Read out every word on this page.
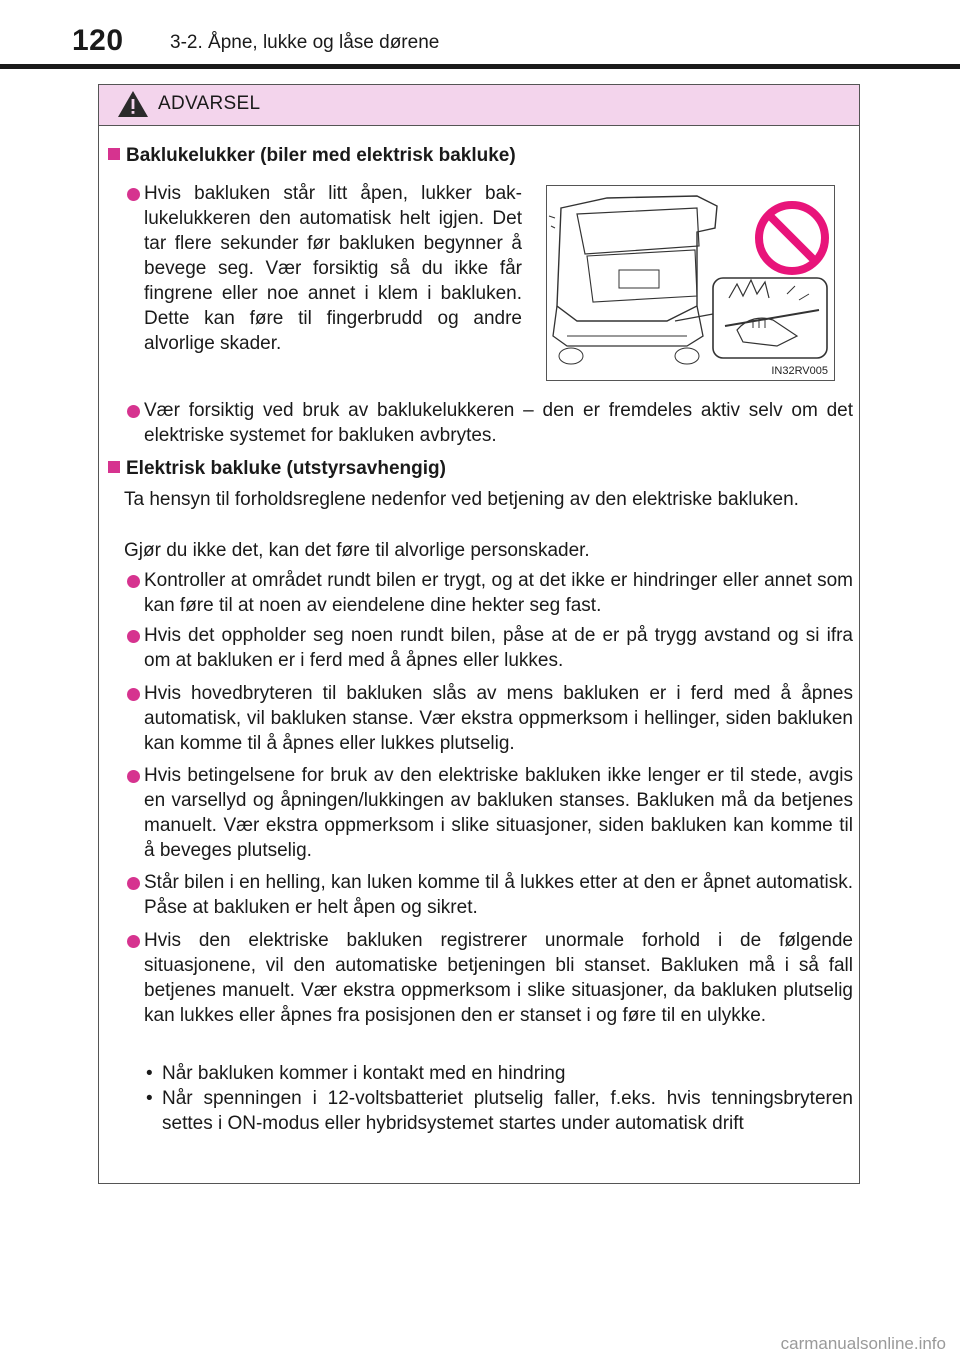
120 3-2. Åpne, lukke og låse dørene
ADVARSEL
Baklukelukker (biler med elektrisk bakluke)
Hvis bakluken står litt åpen, lukker baklukelukkeren den automatisk helt igjen. Det tar flere sekunder før bakluken begynner å bevege seg. Vær forsiktig så du ikke får fingrene eller noe annet i klem i bakluken. Dette kan føre til fingerbrudd og andre alvorlige skader.
IN32RV005
Vær forsiktig ved bruk av baklukelukkeren – den er fremdeles aktiv selv om det elektriske systemet for bakluken avbrytes.
Elektrisk bakluke (utstyrsavhengig)
Ta hensyn til forholdsreglene nedenfor ved betjening av den elektriske bakluken.
Gjør du ikke det, kan det føre til alvorlige personskader.
Kontroller at området rundt bilen er trygt, og at det ikke er hindringer eller annet som kan føre til at noen av eiendelene dine hekter seg fast.
Hvis det oppholder seg noen rundt bilen, påse at de er på trygg avstand og si ifra om at bakluken er i ferd med å åpnes eller lukkes.
Hvis hovedbryteren til bakluken slås av mens bakluken er i ferd med å åpnes automatisk, vil bakluken stanse. Vær ekstra oppmerksom i hellinger, siden bakluken kan komme til å åpnes eller lukkes plutselig.
Hvis betingelsene for bruk av den elektriske bakluken ikke lenger er til stede, avgis en varsellyd og åpningen/lukkingen av bakluken stanses. Bakluken må da betjenes manuelt. Vær ekstra oppmerksom i slike situasjoner, siden bakluken kan komme til å beveges plutselig.
Står bilen i en helling, kan luken komme til å lukkes etter at den er åpnet automatisk. Påse at bakluken er helt åpen og sikret.
Hvis den elektriske bakluken registrerer unormale forhold i de følgende situasjonene, vil den automatiske betjeningen bli stanset. Bakluken må i så fall betjenes manuelt. Vær ekstra oppmerksom i slike situasjoner, da bakluken plutselig kan lukkes eller åpnes fra posisjonen den er stanset i og føre til en ulykke.
• Når bakluken kommer i kontakt med en hindring
• Når spenningen i 12-voltsbatteriet plutselig faller, f.eks. hvis tenningsbryteren settes i ON-modus eller hybridsystemet startes under automatisk drift
carmanualsonline.info
